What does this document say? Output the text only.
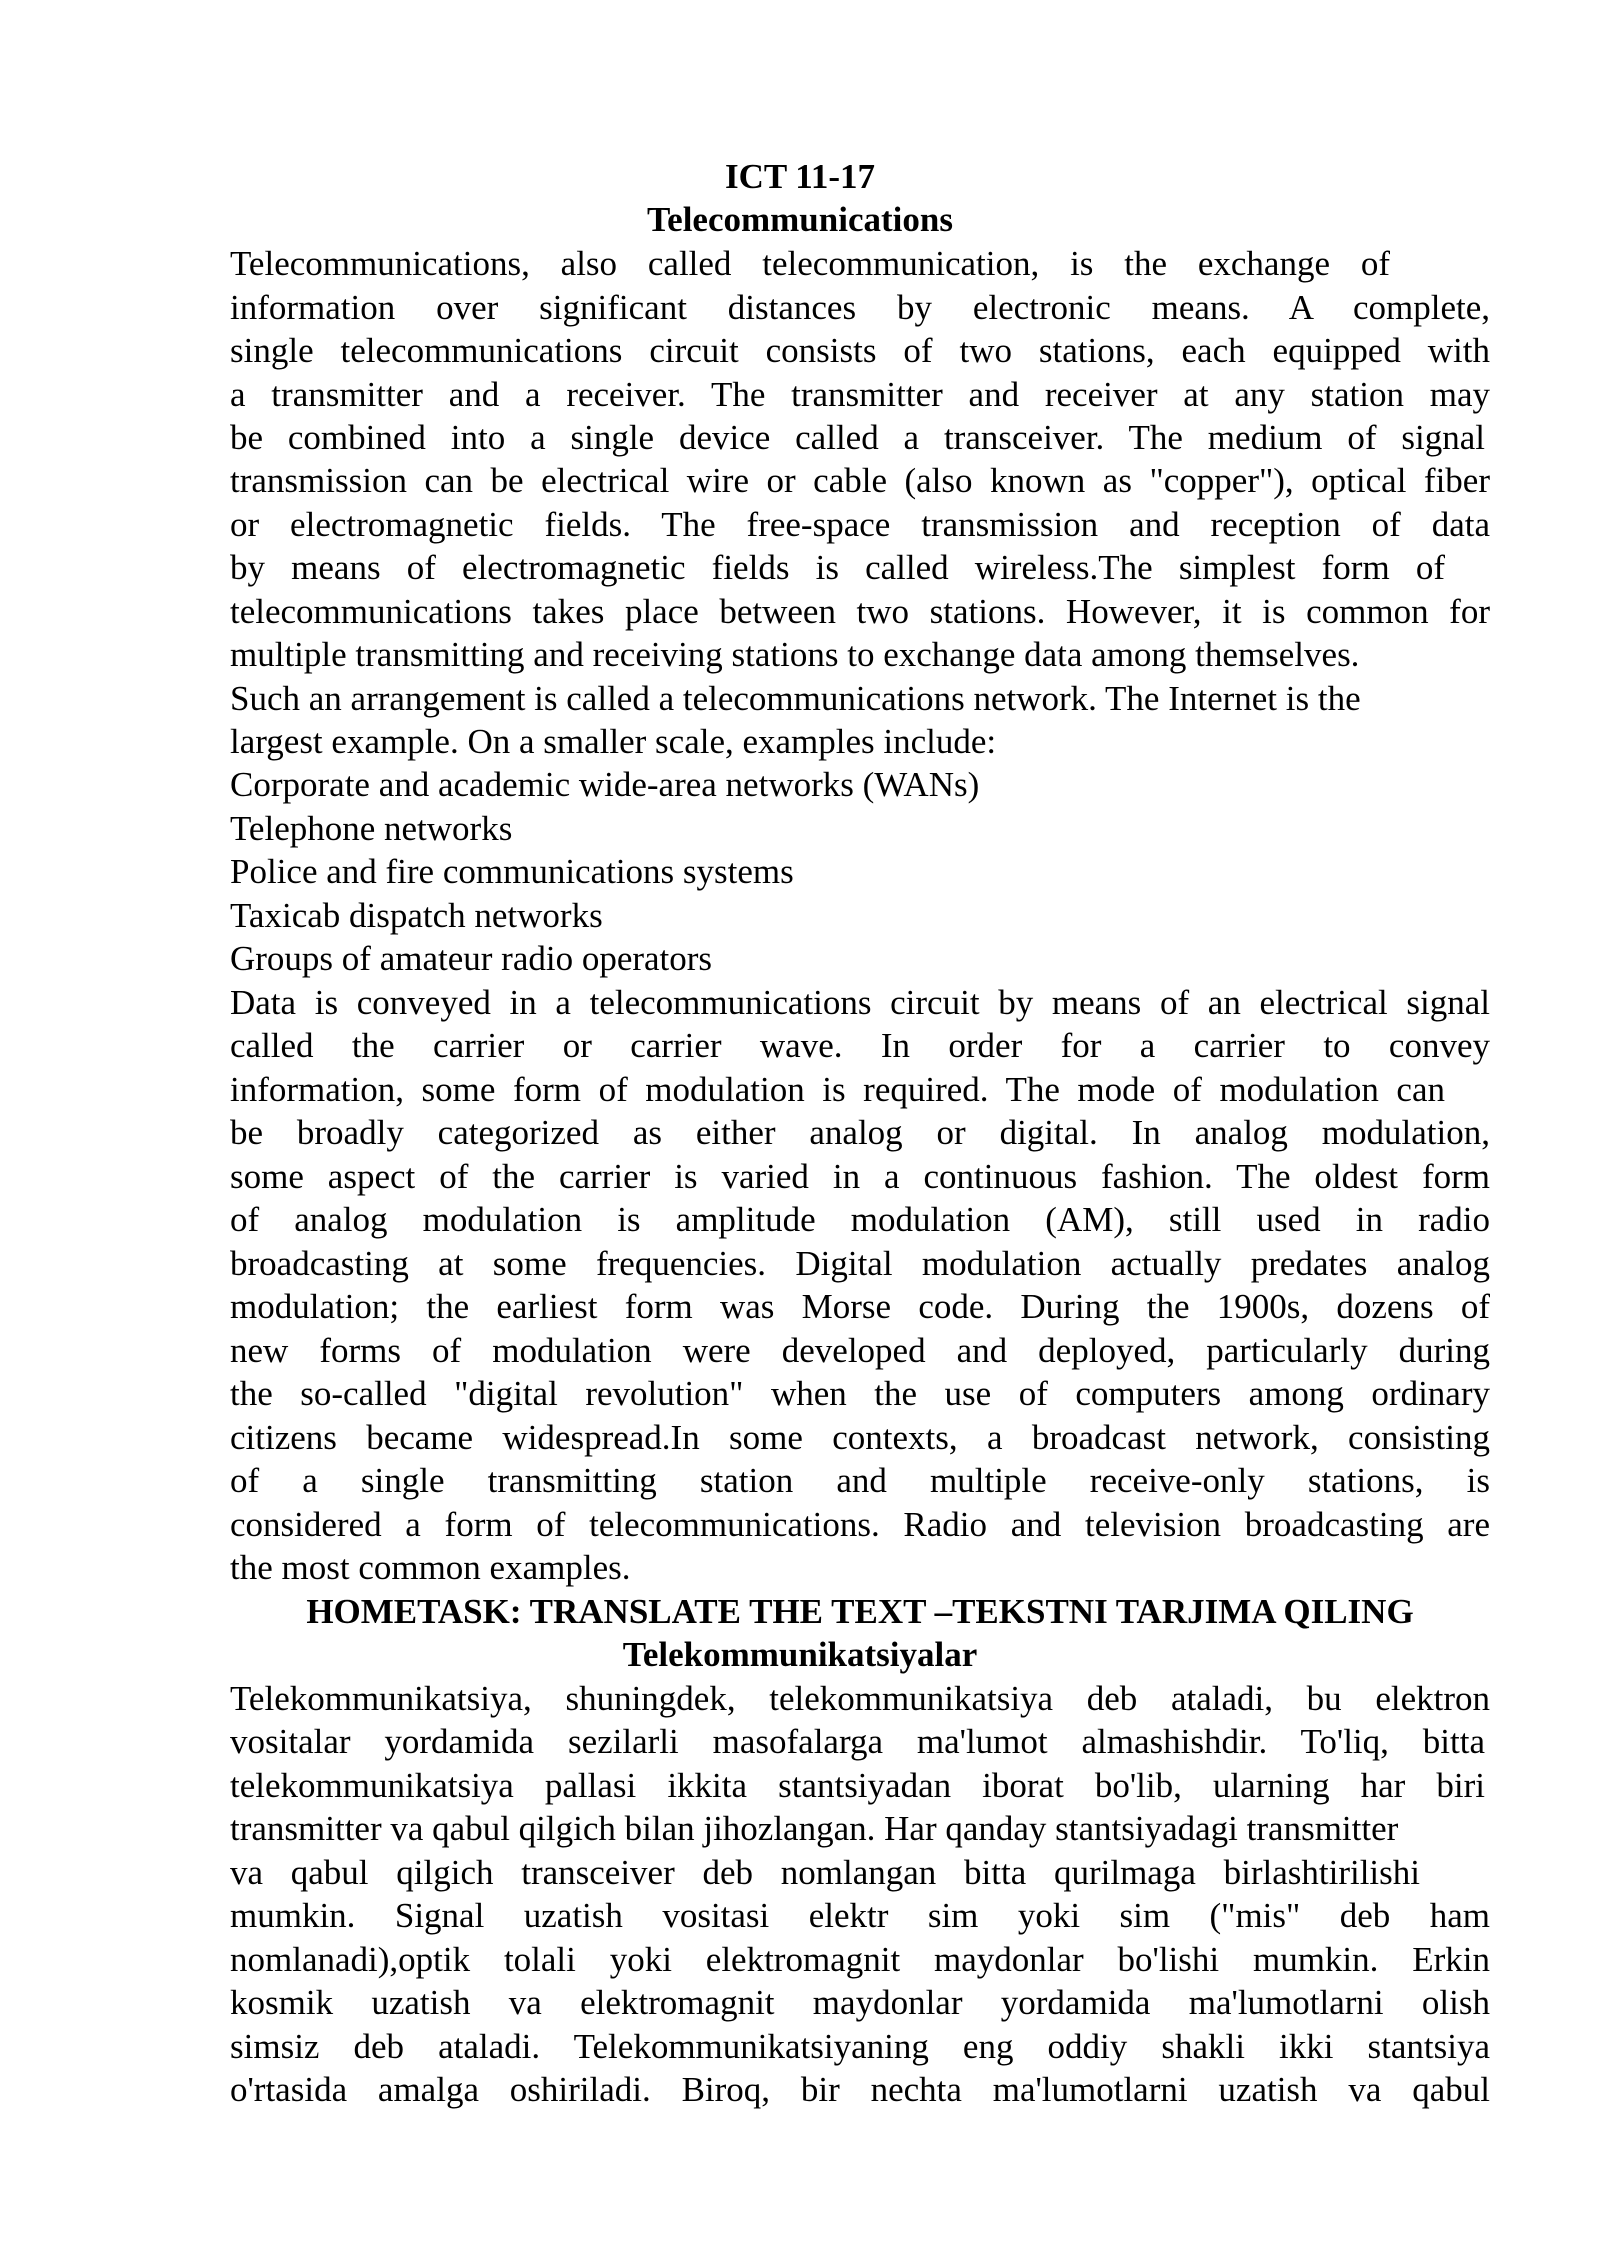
ICT 11-17

Telecommunications

Telecommunications, also called telecommunication, is the exchange of

information over significant distances by electronic means. A complete,

single telecommunications circuit consists of two stations, each equipped with

a transmitter and a receiver. The transmitter and receiver at any station may

be combined into a single device called a transceiver. The medium of signal

transmission can be electrical wire or cable (also known as "copper"), optical fiber

or electromagnetic fields. The free-space transmission and reception of data

by means of electromagnetic fields is called wireless.The simplest form of

telecommunications takes place between two stations. However, it is common for

multiple transmitting and receiving stations to exchange data among themselves.

Such an arrangement is called a telecommunications network. The Internet is the

largest example. On a smaller scale, examples include:

Corporate and academic wide-area networks (WANs)

Telephone networks

Police and fire communications systems

Taxicab dispatch networks

Groups of amateur radio operators

Data is conveyed in a telecommunications circuit by means of an electrical signal

called the carrier or carrier wave. In order for a carrier to convey

information, some form of modulation is required. The mode of modulation can

be broadly categorized as either analog or digital. In analog modulation,

some aspect of the carrier is varied in a continuous fashion. The oldest form

of analog modulation is amplitude modulation (AM), still used in radio

broadcasting at some frequencies. Digital modulation actually predates analog

modulation; the earliest form was Morse code. During the 1900s, dozens of

new forms of modulation were developed and deployed, particularly during

the so-called "digital revolution" when the use of computers among ordinary

citizens became widespread.In some contexts, a broadcast network, consisting

of a single transmitting station and multiple receive-only stations, is

considered a form of telecommunications. Radio and television broadcasting are

the most common examples.

HOMETASK: TRANSLATE THE TEXT –TEKSTNI TARJIMA QILING

Telekommunikatsiyalar

Telekommunikatsiya, shuningdek, telekommunikatsiya deb ataladi, bu elektron

vositalar yordamida sezilarli masofalarga ma'lumot almashishdir. To'liq, bitta

telekommunikatsiya pallasi ikkita stantsiyadan iborat bo'lib, ularning har biri

transmitter va qabul qilgich bilan jihozlangan. Har qanday stantsiyadagi transmitter

va qabul qilgich transceiver deb nomlangan bitta qurilmaga birlashtirilishi

mumkin. Signal uzatish vositasi elektr sim yoki sim ("mis" deb ham

nomlanadi),optik tolali yoki elektromagnit maydonlar bo'lishi mumkin. Erkin

kosmik uzatish va elektromagnit maydonlar yordamida ma'lumotlarni olish

simsiz deb ataladi. Telekommunikatsiyaning eng oddiy shakli ikki stantsiya

o'rtasida amalga oshiriladi. Biroq, bir nechta ma'lumotlarni uzatish va qabul
